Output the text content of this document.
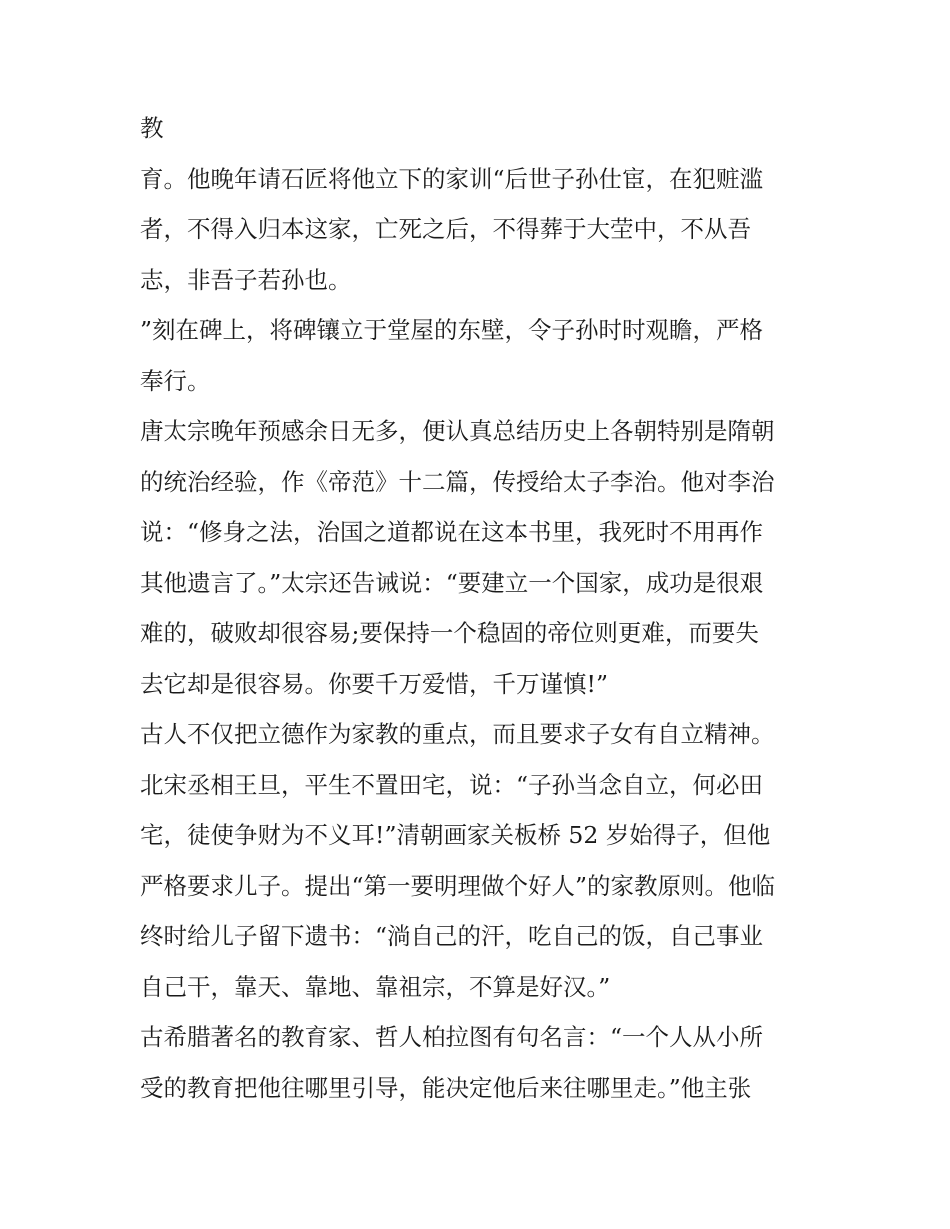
教
育。他晚年请石匠将他立下的家训“后世子孙仕宦，在犯赃滥
者，不得入归本这家，亡死之后，不得葬于大茔中，不从吾
志，非吾子若孙也。
”刻在碑上，将碑镶立于堂屋的东壁，令子孙时时观瞻，严格
奉行。
唐太宗晚年预感余日无多，便认真总结历史上各朝特别是隋朝
的统治经验，作《帝范》十二篇，传授给太子李治。他对李治
说：“修身之法，治国之道都说在这本书里，我死时不用再作
其他遗言了。”太宗还告诫说：“要建立一个国家，成功是很艰
难的，破败却很容易;要保持一个稳固的帝位则更难，而要失
去它却是很容易。你要千万爱惜，千万谨慎!”
古人不仅把立德作为家教的重点，而且要求子女有自立精神。
北宋丞相王旦，平生不置田宅，说：“子孙当念自立，何必田
宅，徒使争财为不义耳!”清朝画家关板桥 52 岁始得子，但他
严格要求儿子。提出“第一要明理做个好人”的家教原则。他临
终时给儿子留下遗书：“淌自己的汗，吃自己的饭，自己事业
自己干，靠天、靠地、靠祖宗，不算是好汉。”
古希腊著名的教育家、哲人柏拉图有句名言：“一个人从小所
受的教育把他往哪里引导，能决定他后来往哪里走。”他主张
